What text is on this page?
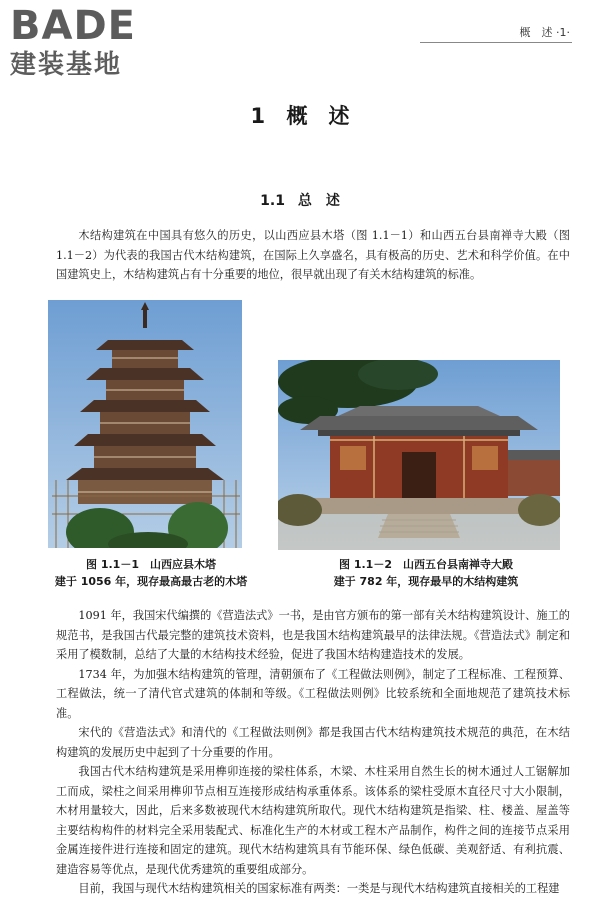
BADE
建装基地
概　述 ·1·
1 概　述
1.1 总　述

木结构建筑在中国具有悠久的历史，以山西应县木塔（图 1.1－1）和山西五台县南禅寺大殿（图 1.1－2）为代表的我国古代木结构建筑，在国际上久享盛名，具有极高的历史、艺术和科学价值。在中国建筑史上，木结构建筑占有十分重要的地位，很早就出现了有关木结构建筑的标准。

图 1.1－1　山西应县木塔
建于 1056 年，现存最高最古老的木塔
图 1.1－2　山西五台县南禅寺大殿
建于 782 年，现存最早的木结构建筑

1091 年，我国宋代编撰的《营造法式》一书，是由官方颁布的第一部有关木结构建筑设计、施工的规范书，是我国古代最完整的建筑技术资料，也是我国木结构建筑最早的法律法规。《营造法式》制定和采用了模数制，总结了大量的木结构技术经验，促进了我国木结构建造技术的发展。

1734 年，为加强木结构建筑的管理，清朝颁布了《工程做法则例》，制定了工程标准、工程预算、工程做法，统一了清代官式建筑的体制和等级。《工程做法则例》比较系统和全面地规范了建筑技术标准。

宋代的《营造法式》和清代的《工程做法则例》都是我国古代木结构建筑技术规范的典范，在木结构建筑的发展历史中起到了十分重要的作用。

我国古代木结构建筑是采用榫卯连接的梁柱体系，木梁、木柱采用自然生长的树木通过人工锯解加工而成，梁柱之间采用榫卯节点相互连接形成结构承重体系。该体系的梁柱受原木直径尺寸大小限制，木材用量较大，因此，后来多数被现代木结构建筑所取代。现代木结构建筑是指梁、柱、楼盖、屋盖等主要结构构件的材料完全采用装配式、标准化生产的木材或工程木产品制作，构件之间的连接节点采用金属连接件进行连接和固定的建筑。现代木结构建筑具有节能环保、绿色低碳、美观舒适、有利抗震、建造容易等优点，是现代优秀建筑的重要组成部分。

目前，我国与现代木结构建筑相关的国家标准有两类：一类是与现代木结构建筑直接相关的工程建
